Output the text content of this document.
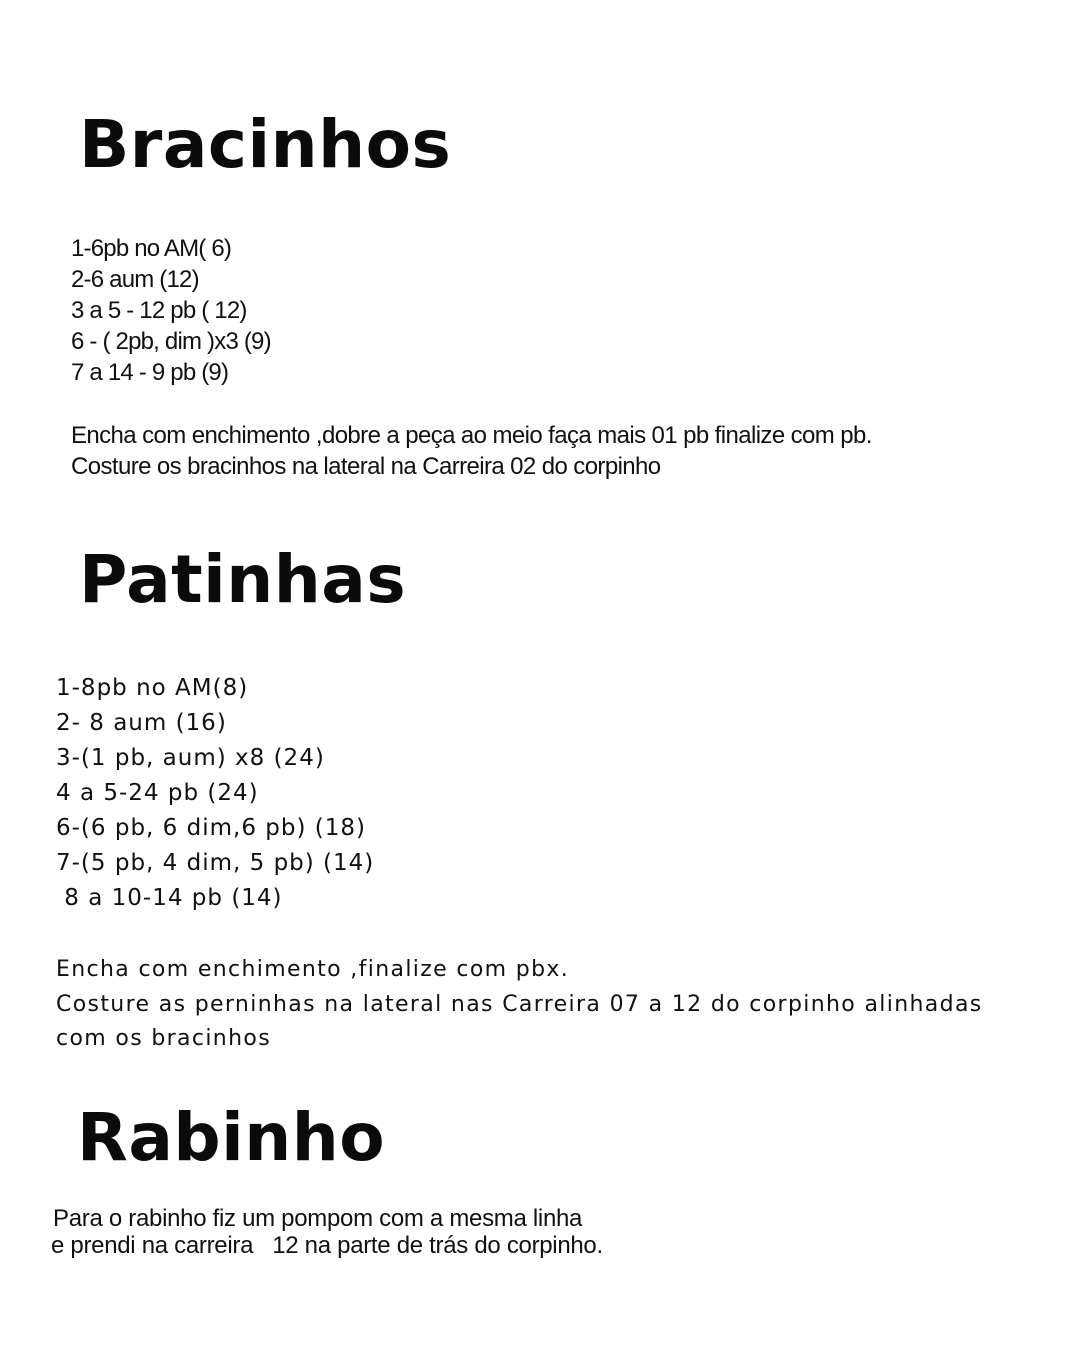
Bracinhos
1-6pb no AM( 6)
2-6 aum (12)
3 a 5 - 12 pb ( 12)
6 - ( 2pb, dim )x3 (9)
7 a 14 - 9 pb (9)

Encha com enchimento ,dobre a peça ao meio faça mais 01 pb finalize com pb.
Costure os bracinhos na lateral na Carreira 02 do corpinho

Patinhas
1-8pb no AM(8)
2- 8 aum (16)
3-(1 pb, aum) x8 (24)
4 a 5-24 pb (24)
6-(6 pb, 6 dim,6 pb) (18)
7-(5 pb, 4 dim, 5 pb) (14)
8 a 10-14 pb (14)

Encha com enchimento ,finalize com pbx.
Costure as perninhas na lateral nas Carreira 07 a 12 do corpinho alinhadas
com os bracinhos

Rabinho

Para o rabinho fiz um pompom com a mesma linha
e prendi na carreira   12 na parte de trás do corpinho.
